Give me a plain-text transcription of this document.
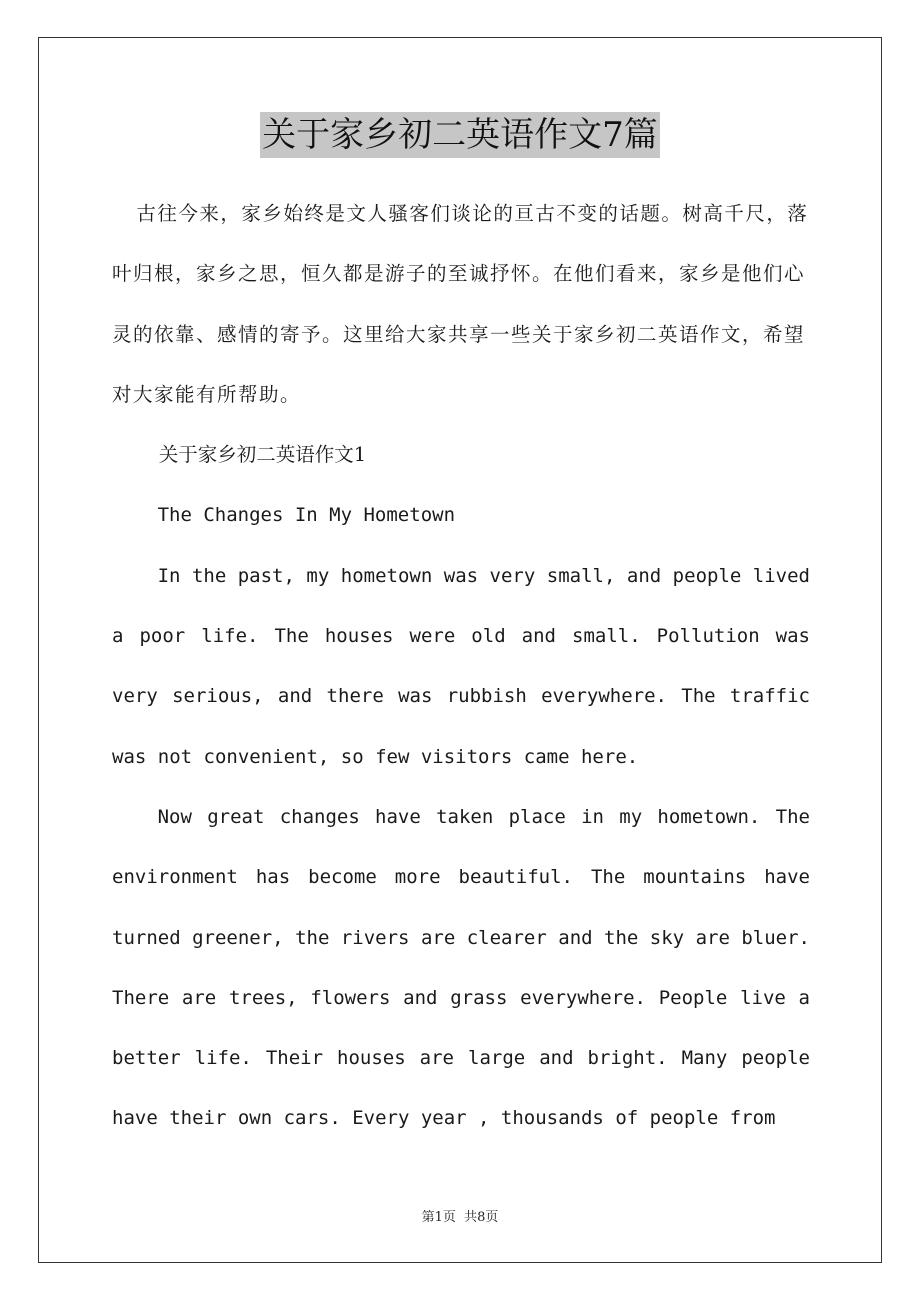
关于家乡初二英语作文7篇

古往今来，家乡始终是文人骚客们谈论的亘古不变的话题。树高千尺，落叶归根，家乡之思，恒久都是游子的至诚抒怀。在他们看来，家乡是他们心灵的依靠、感情的寄予。这里给大家共享一些关于家乡初二英语作文，希望对大家能有所帮助。

关于家乡初二英语作文1

The Changes In My Hometown

In the past, my hometown was very small, and people lived a poor life. The houses were old and small. Pollution was very serious, and there was rubbish everywhere. The traffic was not convenient, so few visitors came here.

Now great changes have taken place in my hometown. The environment has become more beautiful. The mountains have turned greener, the rivers are clearer and the sky are bluer. There are trees, flowers and grass everywhere. People live a better life. Their houses are large and bright. Many people have their own cars. Every year , thousands of people from

第1页 共8页
